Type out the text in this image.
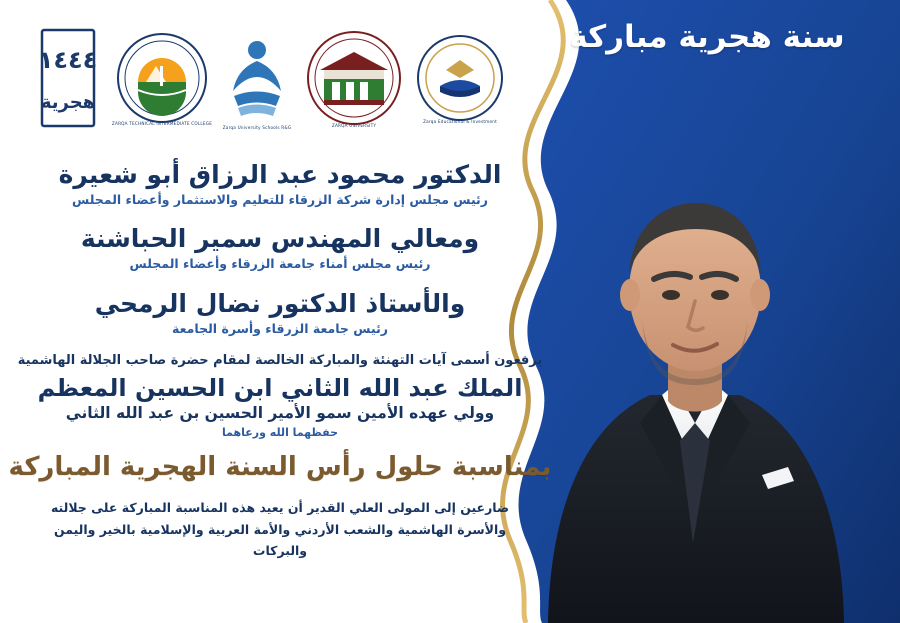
سنة هجرية مباركة
١٤٤٤
هجرية
ZARQA TECHNICAL INTERMEDIATE COLLEGE
Zarqa University Schools R&G	ZARQA UNIVERSITY
Zarqa Educational & Investment
الدكتور محمود عبد الرزاق أبو شعيرة
رئيس مجلس إدارة شركة الزرقاء للتعليم والاستثمار وأعضاء المجلس
ومعالي المهندس سمير الحباشنة
رئيس مجلس أمناء جامعة الزرقاء وأعضاء المجلس
والأستاذ الدكتور نضال الرمحي
رئيس جامعة الزرقاء وأسرة الجامعة
يرفعون أسمى آيات التهنئة والمباركة الخالصة لمقام حضرة صاحب الجلالة الهاشمية
الملك عبد الله الثاني ابن الحسين المعظم
وولي عهده الأمين سمو الأمير الحسين بن عبد الله الثاني
حفظهما الله ورعاهما
بمناسبة حلول رأس السنة الهجرية المباركة
ضارعين إلى المولى العلي القدير أن يعيد هذه المناسبة المباركة على جلالته والأسرة الهاشمية والشعب الأردني والأمة العربية والإسلامية بالخير واليمن والبركات
